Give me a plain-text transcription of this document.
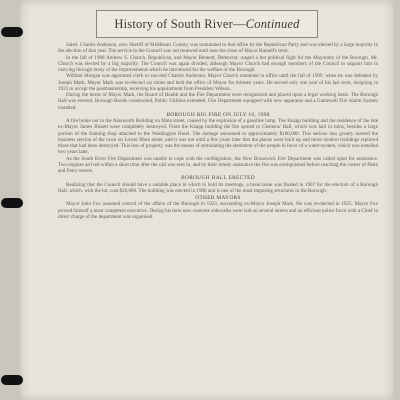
History of South River— Continued

Sabel. Charles Anderson, now Sheriff of Middlesex County, was nominated to that office by the Republican Party and was elected by a large majority in the election of that year. The service in the Council was not renewed until near the close of Mayor Russell's term.

In the fall of 1908 Andrew S. Church, Republican, and Mayor Bennett, Democrat, waged a hot political fight for the Mayoralty of the Borough. Mr. Church was elected by a big majority. The Council was again divided, although Mayor Church had enough members of the Council to support him in carrying through many of the improvements which he introduced for the welfare of the Borough.

William Morgan was appointed clerk to succeed Charles Anderson. Mayor Church remained in office until the fall of 1909, when he was defeated by Joseph Mark. Mayor Mark was re-elected six times and held the office of Mayor for thirteen years. He served only one year of his last term, resigning in 1923 to accept the postmastership, receiving his appointment from President Wilson.

During the terms of Mayor Mark, the Board of Health and the Fire Department were reorganized and placed upon a legal working basis. The Borough Hall was erected, Borough Bonds constructed, Public Utilities extended, Fire Department equipped with new apparatus and a Gamewell Fire Alarm System installed.

BOROUGH BIG FIRE ON JULY 16, 1908

A fire broke out in the Ainsworth Building on Main street, caused by the explosion of a gasoline lamp. The Knapp building and the residence of the late ex-Mayor James Bissett were completely destroyed. From the Knapp building the fire spread to Clemens' Hall, which was laid in ruins, besides a large portion of the framing shop attached to the Washington Hotel. The damage amounted to approximately $100,000. This serious loss greatly marred the business section of the town on Lower Main street, and it was not until a few years later that the places were built up and more modern buildings replaced those that had been destroyed. This loss of property was the means of stimulating the sentiment of the people in favor of a water-system, which was installed two years later.

As the South River Fire Department was unable to cope with the conflagration, the New Brunswick Fire Department was called upon for assistance. Two engines arrived within a short time after the call was sent in, and by their timely assistance the fire was extinguished before reaching the corner of Main and Ferry streets.

BOROUGH HALL ERECTED

Realizing that the Council should have a suitable place in which to hold its meetings, a bond issue was floated in 1907 for the erection of a Borough Hall, which, with the lot, cost $20,000. The building was erected in 1908 and is one of the most imposing structures in the Borough.

OTHER MAYORS

Mayor John Fox assumed control of the affairs of the Borough in 1923, succeeding ex-Mayor Joseph Mark. He was re-elected in 1925. Mayor Fox proved himself a most competent executive. During his term new concrete sidewalks were laid on several streets and an efficient police force with a Chief in direct charge of the department was organized.
